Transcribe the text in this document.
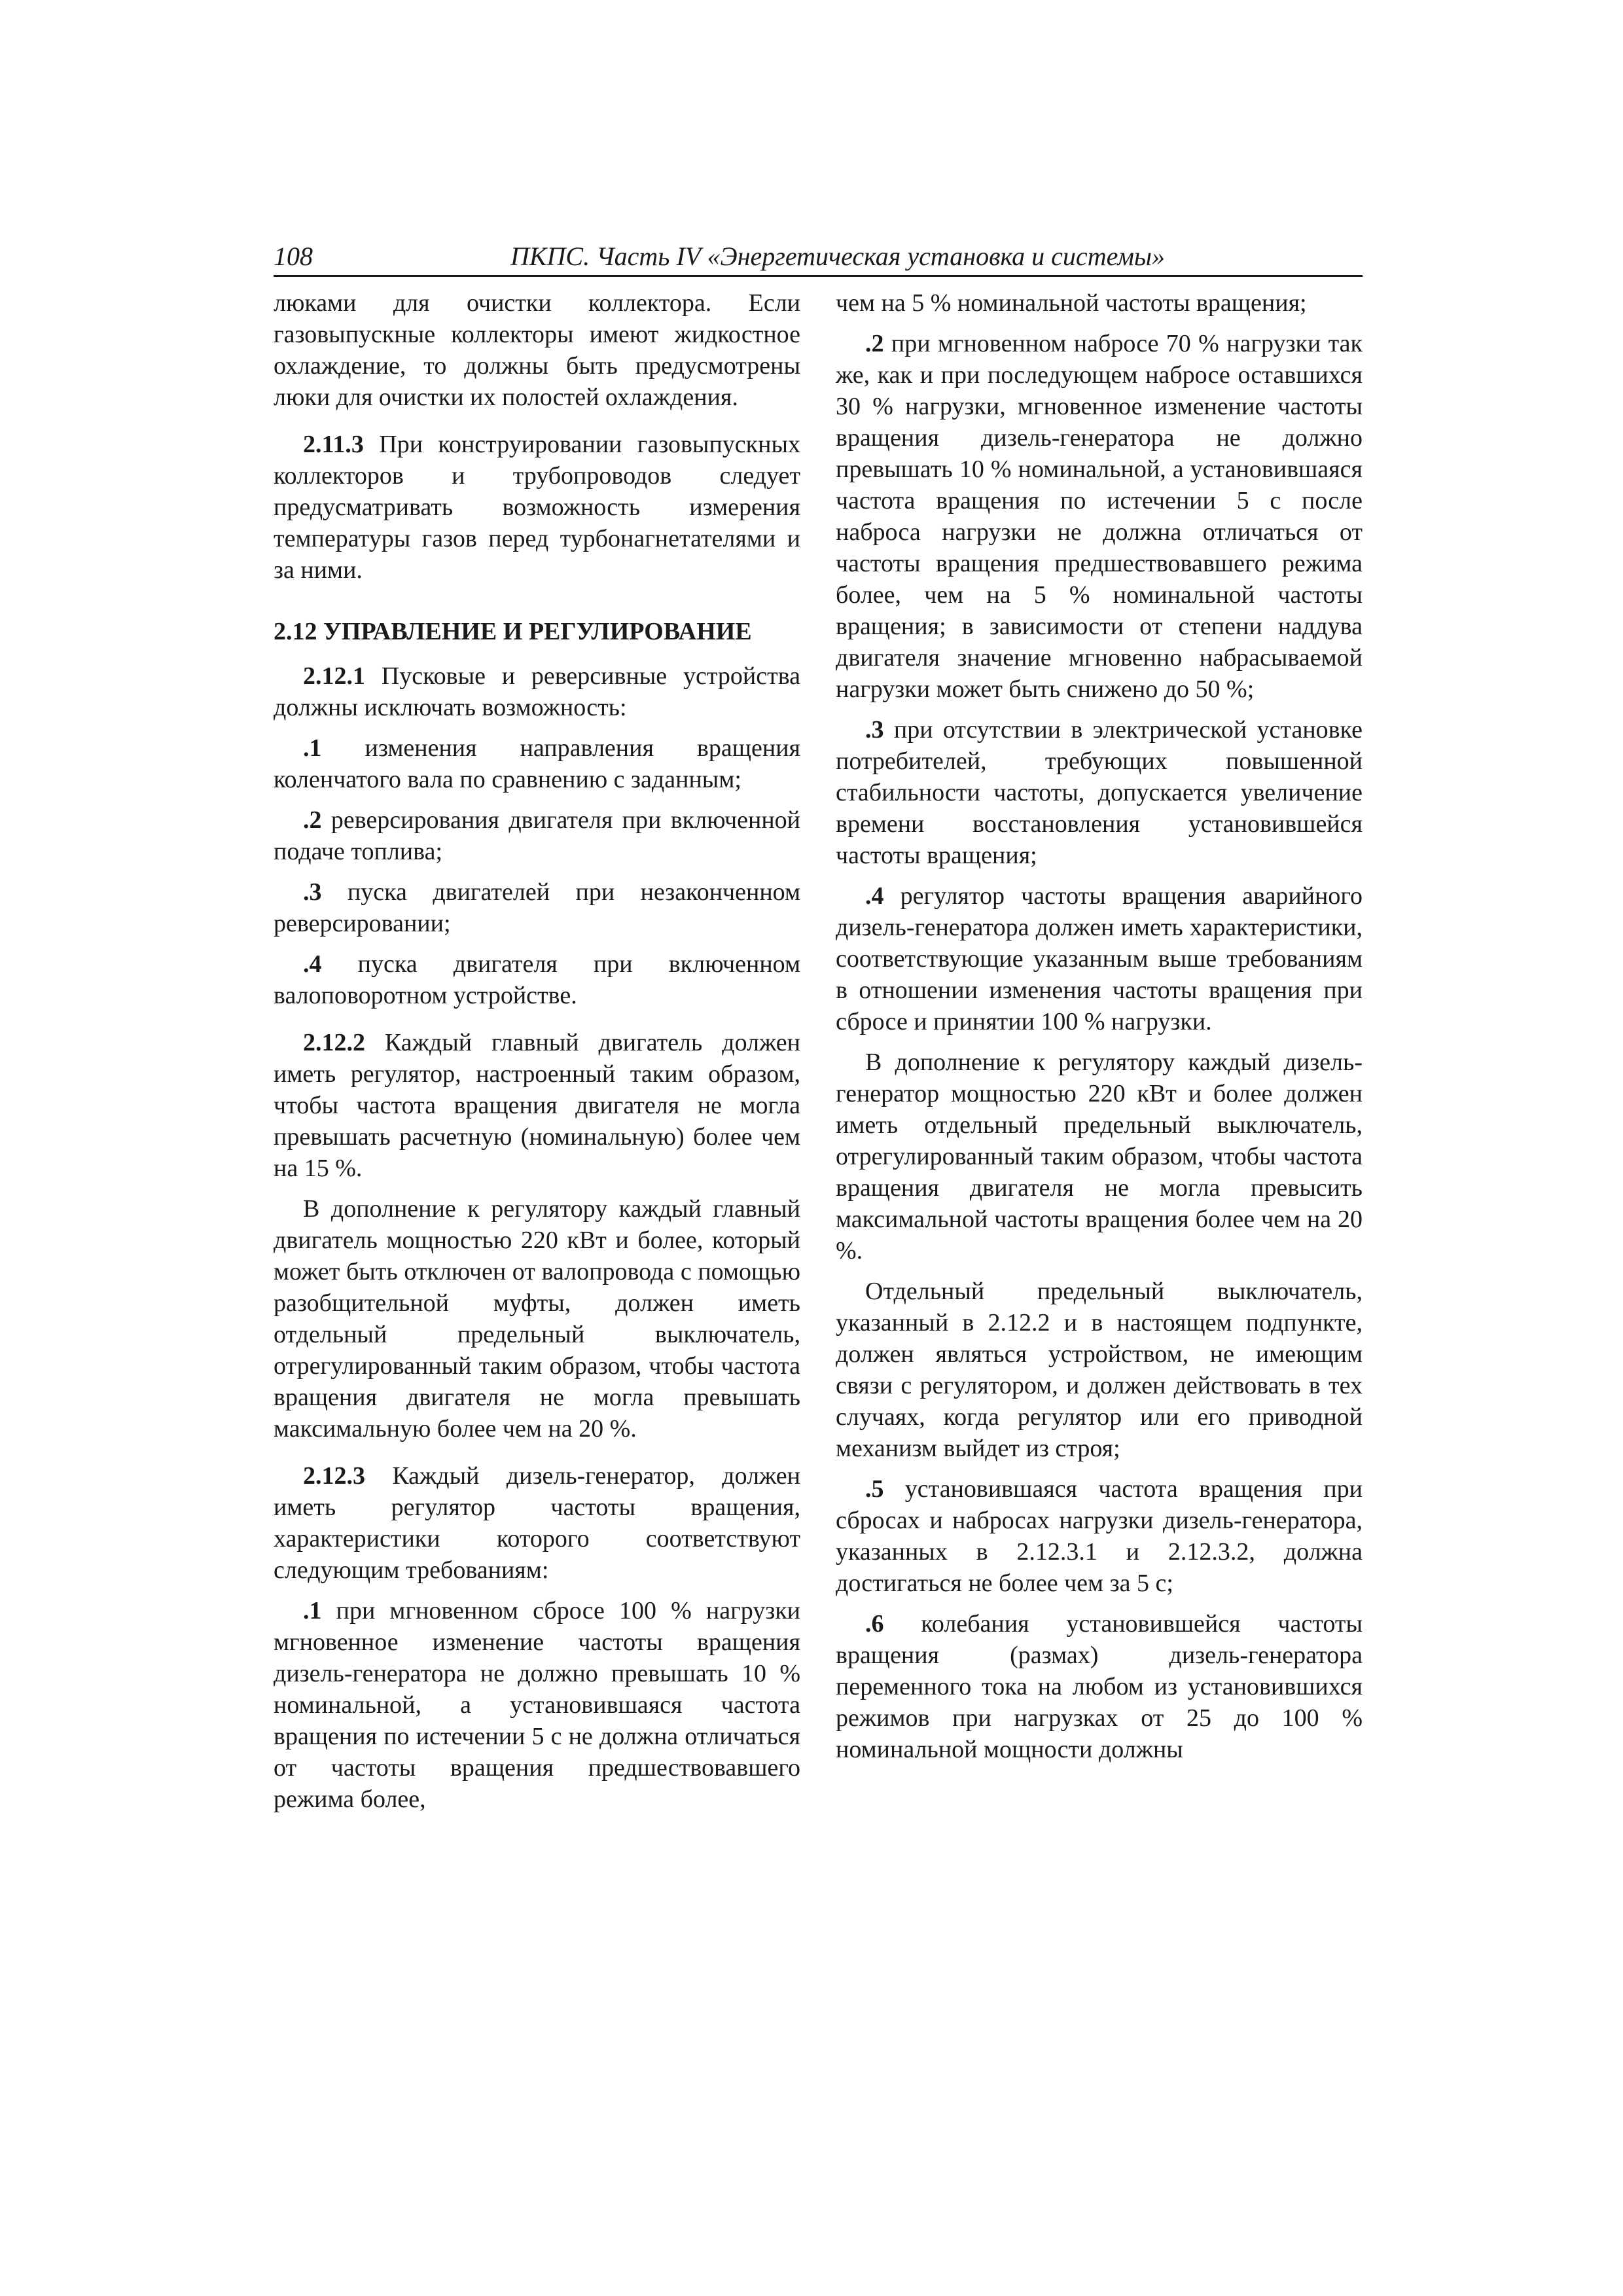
108	ПКПС. Часть IV «Энергетическая установка и системы»

люками для очистки коллектора. Если газовыпускные коллекторы имеют жидкостное охлаждение, то должны быть предусмотрены люки для очистки их полостей охлаждения.

2.11.3 При конструировании газовыпускных коллекторов и трубопроводов следует предусматривать возможность измерения температуры газов перед турбонагнетателями и за ними.

2.12 УПРАВЛЕНИЕ И РЕГУЛИРОВАНИЕ

2.12.1 Пусковые и реверсивные устройства должны исключать возможность:

.1 изменения направления вращения коленчатого вала по сравнению с заданным;

.2 реверсирования двигателя при включенной подаче топлива;

.3 пуска двигателей при незаконченном реверсировании;

.4 пуска двигателя при включенном валоповоротном устройстве.

2.12.2 Каждый главный двигатель должен иметь регулятор, настроенный таким образом, чтобы частота вращения двигателя не могла превышать расчетную (номинальную) более чем на 15 %.

В дополнение к регулятору каждый главный двигатель мощностью 220 кВт и более, который может быть отключен от валопровода с помощью разобщительной муфты, должен иметь отдельный предельный выключатель, отрегулированный таким образом, чтобы частота вращения двигателя не могла превышать максимальную более чем на 20 %.

2.12.3 Каждый дизель-генератор, должен иметь регулятор частоты вращения, характеристики которого соответствуют следующим требованиям:

.1 при мгновенном сбросе 100 % нагрузки мгновенное изменение частоты вращения дизель-генератора не должно превышать 10 % номинальной, а установившаяся частота вращения по истечении 5 с не должна отличаться от частоты вращения предшествовавшего режима более,

чем на 5 % номинальной частоты вращения;

.2 при мгновенном набросе 70 % нагрузки так же, как и при последующем набросе оставшихся 30 % нагрузки, мгновенное изменение частоты вращения дизель-генератора не должно превышать 10 % номинальной, а установившаяся частота вращения по истечении 5 с после наброса нагрузки не должна отличаться от частоты вращения предшествовавшего режима более, чем на 5 % номинальной частоты вращения; в зависимости от степени наддува двигателя значение мгновенно набрасываемой нагрузки может быть снижено до 50 %;

.3 при отсутствии в электрической установке потребителей, требующих повышенной стабильности частоты, допускается увеличение времени восстановления установившейся частоты вращения;

.4 регулятор частоты вращения аварийного дизель-генератора должен иметь характеристики, соответствующие указанным выше требованиям в отношении изменения частоты вращения при сбросе и принятии 100 % нагрузки.

В дополнение к регулятору каждый дизель-генератор мощностью 220 кВт и более должен иметь отдельный предельный выключатель, отрегулированный таким образом, чтобы частота вращения двигателя не могла превысить максимальной частоты вращения более чем на 20 %.

Отдельный предельный выключатель, указанный в 2.12.2 и в настоящем подпункте, должен являться устройством, не имеющим связи с регулятором, и должен действовать в тех случаях, когда регулятор или его приводной механизм выйдет из строя;

.5 установившаяся частота вращения при сбросах и набросах нагрузки дизель-генератора, указанных в 2.12.3.1 и 2.12.3.2, должна достигаться не более чем за 5 с;

.6 колебания установившейся частоты вращения (размах) дизель-генератора переменного тока на любом из установившихся режимов при нагрузках от 25 до 100 % номинальной мощности должны
